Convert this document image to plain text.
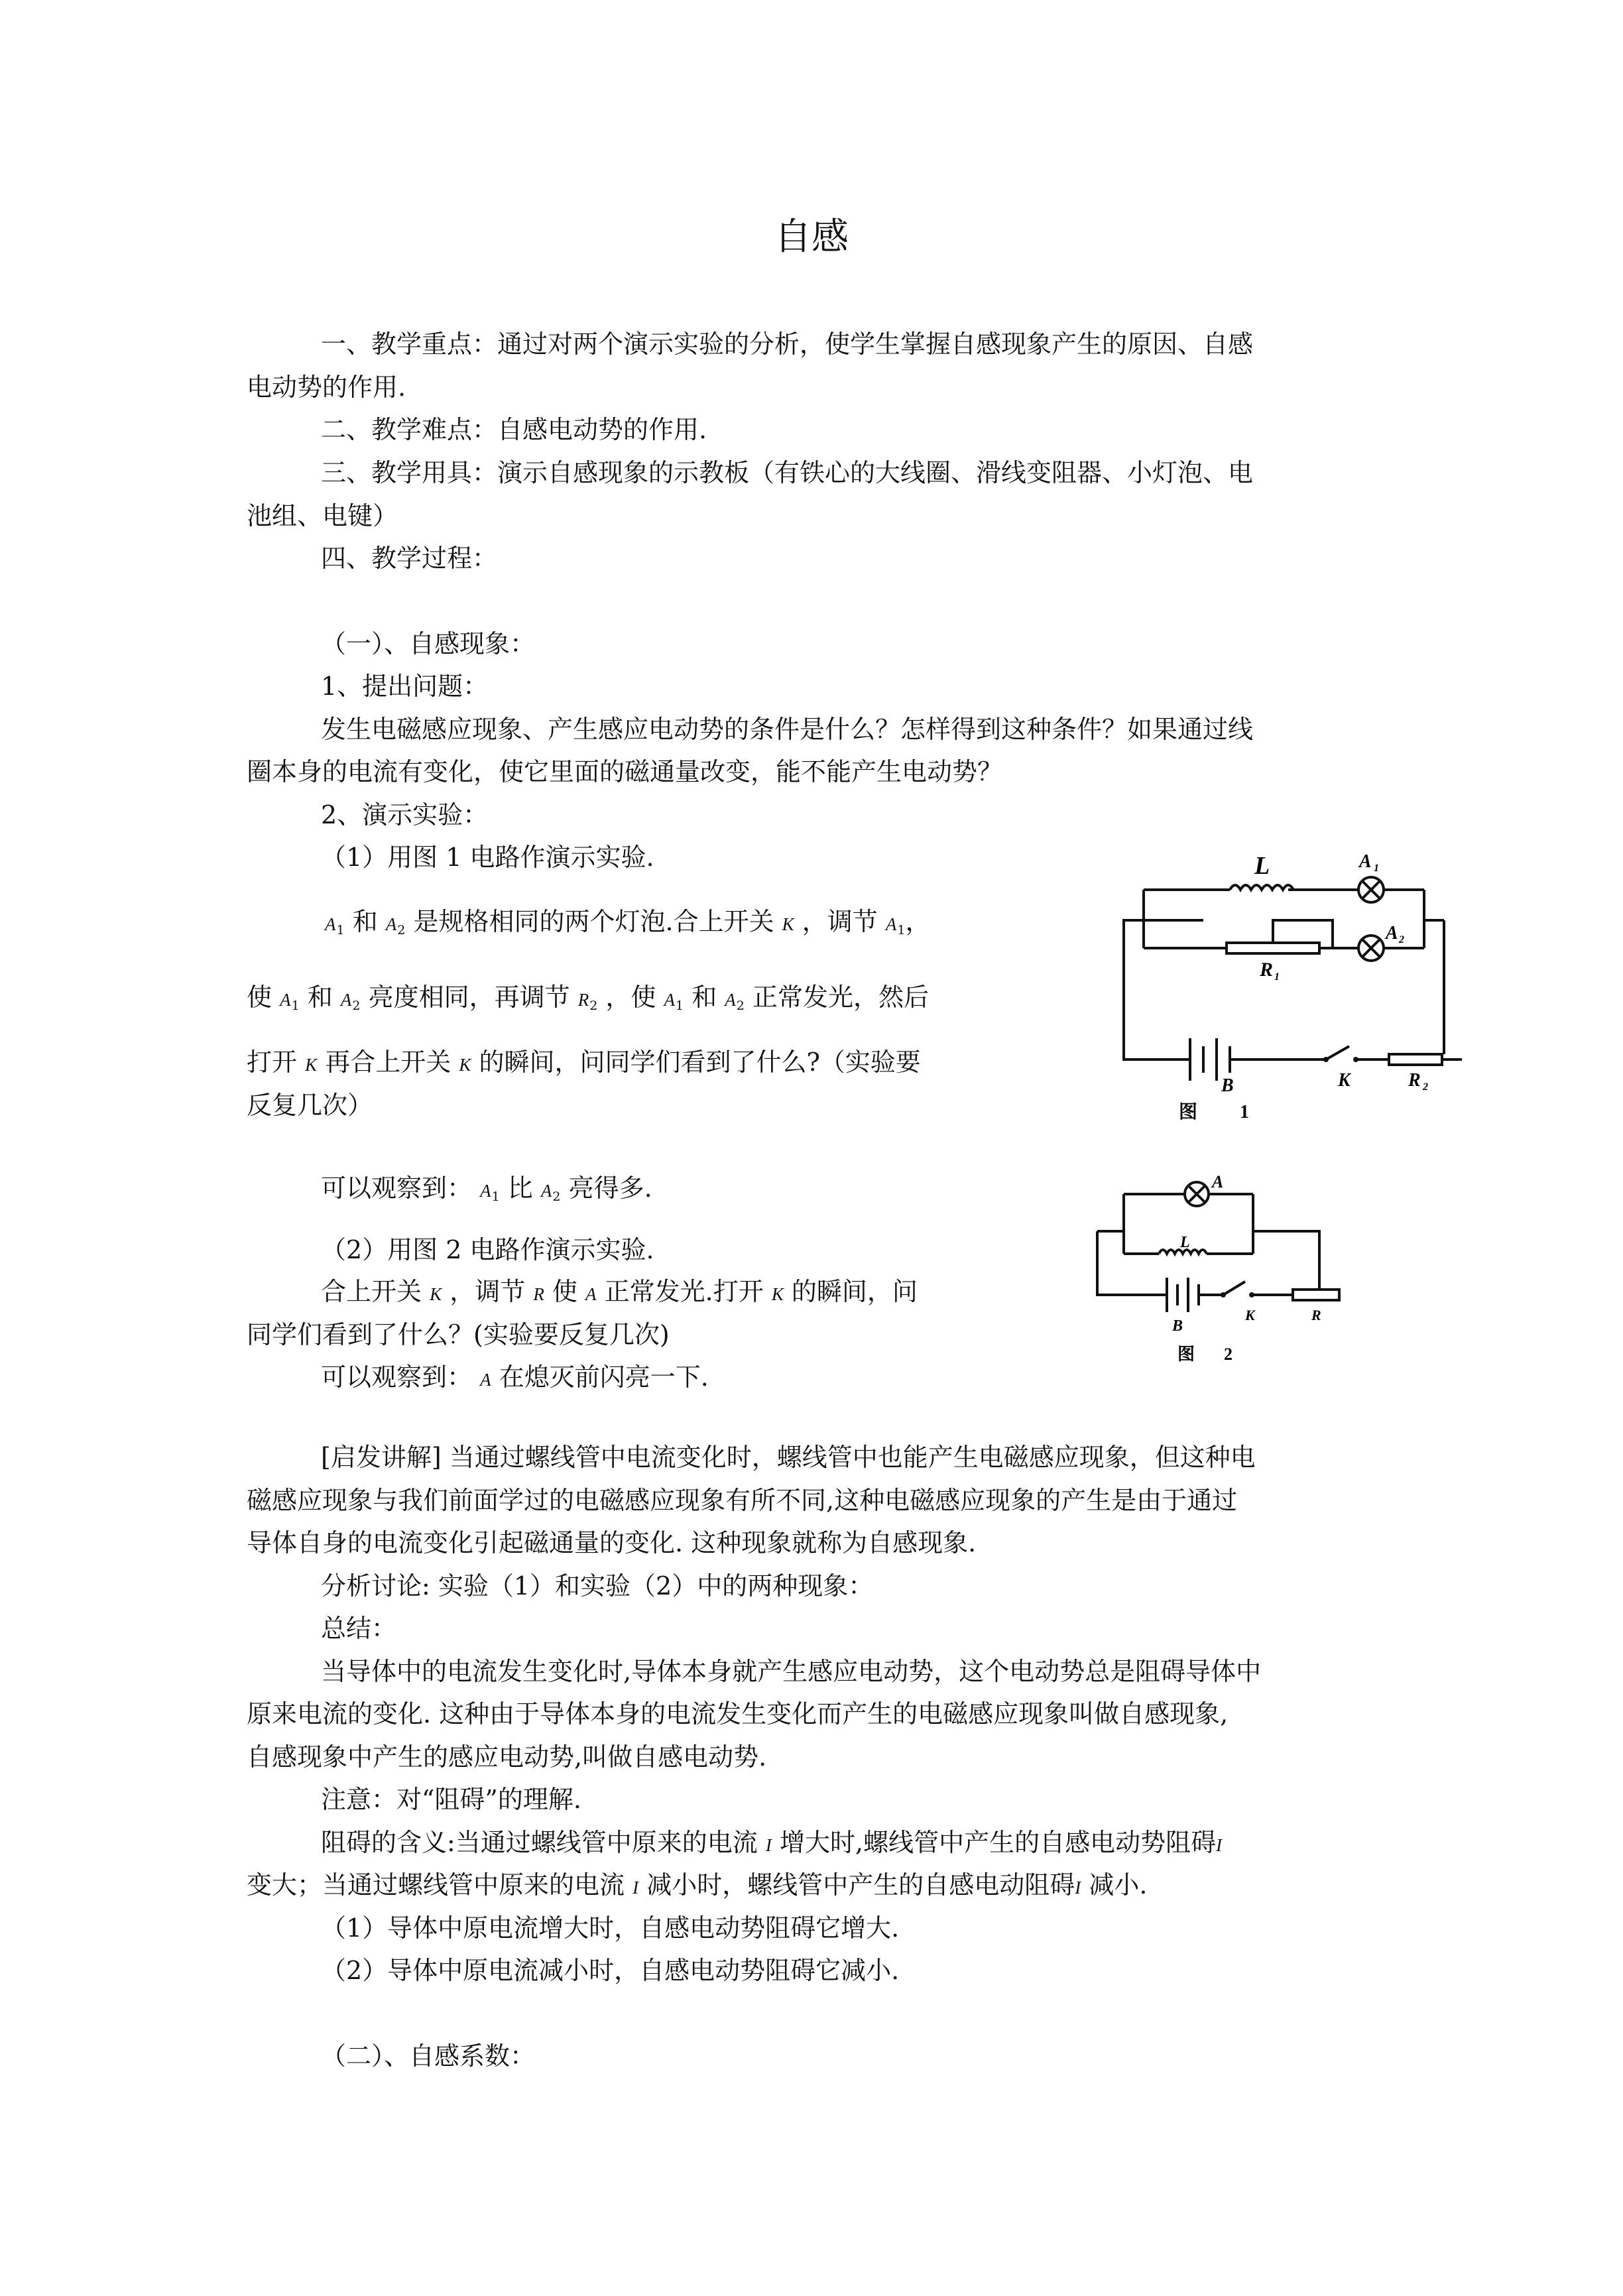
自感
一、教学重点：通过对两个演示实验的分析，使学生掌握自感现象产生的原因、自感
电动势的作用.
二、教学难点：自感电动势的作用.
三、教学用具：演示自感现象的示教板（有铁心的大线圈、滑线变阻器、小灯泡、电
池组、电键）
四、教学过程：
（一）、自感现象：
1、提出问题：
发生电磁感应现象、产生感应电动势的条件是什么？怎样得到这种条件？如果通过线
圈本身的电流有变化，使它里面的磁通量改变，能不能产生电动势？
2、演示实验：
（1）用图 1 电路作演示实验.
$A_1$ 和 $A_2$ 是规格相同的两个灯泡.合上开关 K ，调节 $A_1$，
使 $A_1$ 和 $A_2$ 亮度相同，再调节 $R_2$ ，使 $A_1$ 和 $A_2$ 正常发光，然后
打开 K 再合上开关 K 的瞬间，问同学们看到了什么?（实验要
反复几次）
可以观察到： $A_1$ 比 $A_2$ 亮得多.
（2）用图 2 电路作演示实验.
合上开关 K ，调节 R 使 A 正常发光.打开 K 的瞬间，问
同学们看到了什么？(实验要反复几次)
可以观察到： A 在熄灭前闪亮一下.
[启发讲解] 当通过螺线管中电流变化时，螺线管中也能产生电磁感应现象，但这种电
磁感应现象与我们前面学过的电磁感应现象有所不同,这种电磁感应现象的产生是由于通过
导体自身的电流变化引起磁通量的变化. 这种现象就称为自感现象.
分析讨论: 实验（1）和实验（2）中的两种现象：
总结：
当导体中的电流发生变化时,导体本身就产生感应电动势，这个电动势总是阻碍导体中
原来电流的变化. 这种由于导体本身的电流发生变化而产生的电磁感应现象叫做自感现象,
自感现象中产生的感应电动势,叫做自感电动势.
注意：对“阻碍”的理解.
阻碍的含义:当通过螺线管中原来的电流 I 增大时,螺线管中产生的自感电动势阻碍I
变大；当通过螺线管中原来的电流 I 减小时，螺线管中产生的自感电动阻碍I 减小.
（1）导体中原电流增大时，自感电动势阻碍它增大.
（2）导体中原电流减小时，自感电动势阻碍它减小.
（二）、自感系数：
L	A 1
A 2
R 1
B	K	R 2
图 1
A
L
B
K	R
图 2
